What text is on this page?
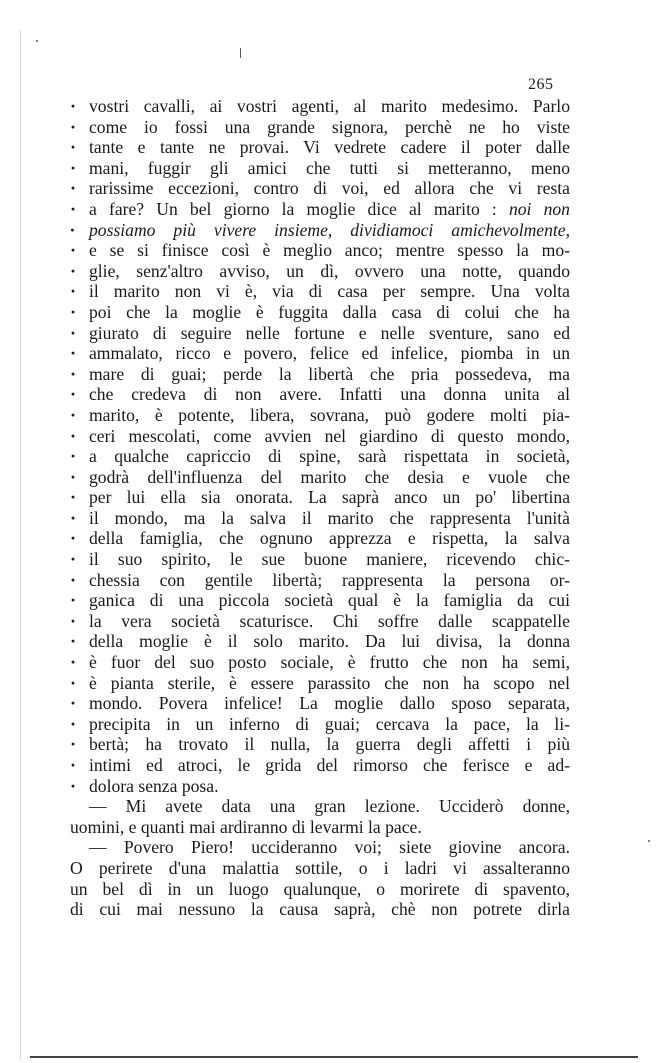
265
· vostri cavalli, ai vostri agenti, al marito medesimo. Parlo
· come io fossi una grande signora, perchè ne ho viste
· tante e tante ne provai. Vi vedrete cadere il poter dalle
· mani, fuggir gli amici che tutti si metteranno, meno
· rarissime eccezioni, contro di voi, ed allora che vi resta
· a fare? Un bel giorno la moglie dice al marito : noi non
· possiamo più vivere insieme, dividiamoci amichevolmente,
· e se si finisce così è meglio anco; mentre spesso la mo-
· glie, senz'altro avviso, un dì, ovvero una notte, quando
· il marito non vi è, via di casa per sempre. Una volta
· poi che la moglie è fuggita dalla casa di colui che ha
· giurato di seguire nelle fortune e nelle sventure, sano ed
· ammalato, ricco e povero, felice ed infelice, piomba in un
· mare di guai; perde la libertà che pria possedeva, ma
· che credeva di non avere. Infatti una donna unita al
· marito, è potente, libera, sovrana, può godere molti pia-
· ceri mescolati, come avvien nel giardino di questo mondo,
· a qualche capriccio di spine, sarà rispettata in società,
· godrà dell'influenza del marito che desia e vuole che
· per lui ella sia onorata. La saprà anco un po' libertina
· il mondo, ma la salva il marito che rappresenta l'unità
· della famiglia, che ognuno apprezza e rispetta, la salva
· il suo spirito, le sue buone maniere, ricevendo chic-
· chessia con gentile libertà; rappresenta la persona or-
· ganica di una piccola società qual è la famiglia da cui
· la vera società scaturisce. Chi soffre dalle scappatelle
· della moglie è il solo marito. Da lui divisa, la donna
· è fuor del suo posto sociale, è frutto che non ha semi,
· è pianta sterile, è essere parassito che non ha scopo nel
· mondo. Povera infelice! La moglie dallo sposo separata,
· precipita in un inferno di guai; cercava la pace, la li-
· bertà; ha trovato il nulla, la guerra degli affetti i più
· intimi ed atroci, le grida del rimorso che ferisce e ad-
· dolora senza posa.
— Mi avete data una gran lezione. Ucciderò donne,
uomini, e quanti mai ardiranno di levarmi la pace.
— Povero Piero! uccideranno voi; siete giovine ancora.
O perirete d'una malattia sottile, o i ladri vi assalteranno
un bel dì in un luogo qualunque, o morirete di spavento,
di cui mai nessuno la causa saprà, chè non potrete dirla
